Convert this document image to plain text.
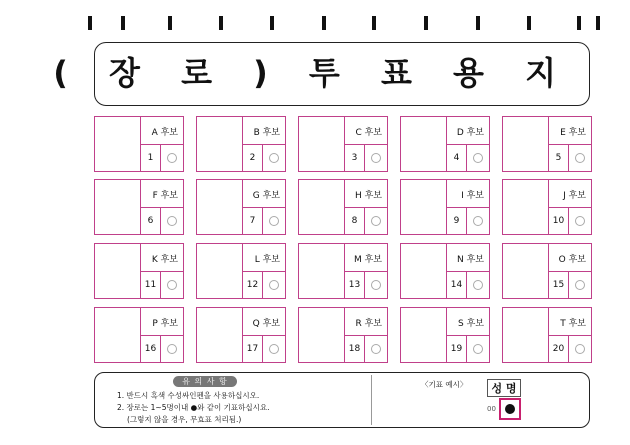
( 장 로 ) 투 표 용 지
A 후보
1
B 후보
2
C 후보
3
D 후보
4
E 후보
5
F 후보
6
G 후보
7
H 후보
8
I 후보
9
J 후보
10
K 후보
11
L 후보
12
M 후보
13
N 후보
14
O 후보
15
P 후보
16
Q 후보
17
R 후보
18
S 후보
19
T 후보
20
유 의 사 항
1. 반드시 흑색 수성싸인펜을 사용하십시오.
2. 장로는 1~5명이내 ●와 같이 기표하십시요.
(그렇지 않을 경우, 무효표 처리됨.)
〈기표 예시〉	성 명
00
